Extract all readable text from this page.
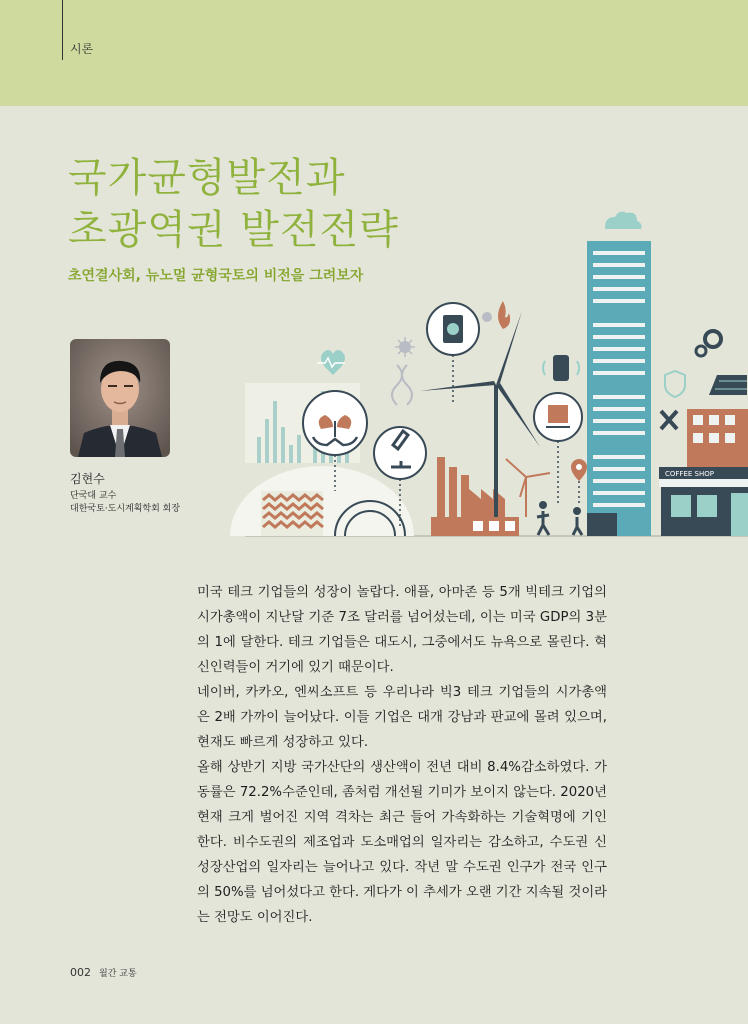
시론
국가균형발전과
초광역권 발전전략
초연결사회, 뉴노멀 균형국토의 비전을 그려보자
김현수
단국대 교수
대한국토·도시계획학회 회장
COFFEE SHOP

미국 테크 기업들의 성장이 놀랍다. 애플, 아마존 등 5개 빅테크 기업의 시가총액이 지난달 기준 7조 달러를 넘어섰는데, 이는 미국 GDP의 3분의 1에 달한다. 테크 기업들은 대도시, 그중에서도 뉴욕으로 몰린다. 혁신인력들이 거기에 있기 때문이다.

네이버, 카카오, 엔씨소프트 등 우리나라 빅3 테크 기업들의 시가총액은 2배 가까이 늘어났다. 이들 기업은 대개 강남과 판교에 몰려 있으며, 현재도 빠르게 성장하고 있다.

올해 상반기 지방 국가산단의 생산액이 전년 대비 8.4%감소하였다. 가동률은 72.2%수준인데, 좀처럼 개선될 기미가 보이지 않는다. 2020년 현재 크게 벌어진 지역 격차는 최근 들어 가속화하는 기술혁명에 기인한다. 비수도권의 제조업과 도소매업의 일자리는 감소하고, 수도권 신성장산업의 일자리는 늘어나고 있다. 작년 말 수도권 인구가 전국 인구의 50%를 넘어섰다고 한다. 게다가 이 추세가 오랜 기간 지속될 것이라는 전망도 이어진다.

002 월간 교통
